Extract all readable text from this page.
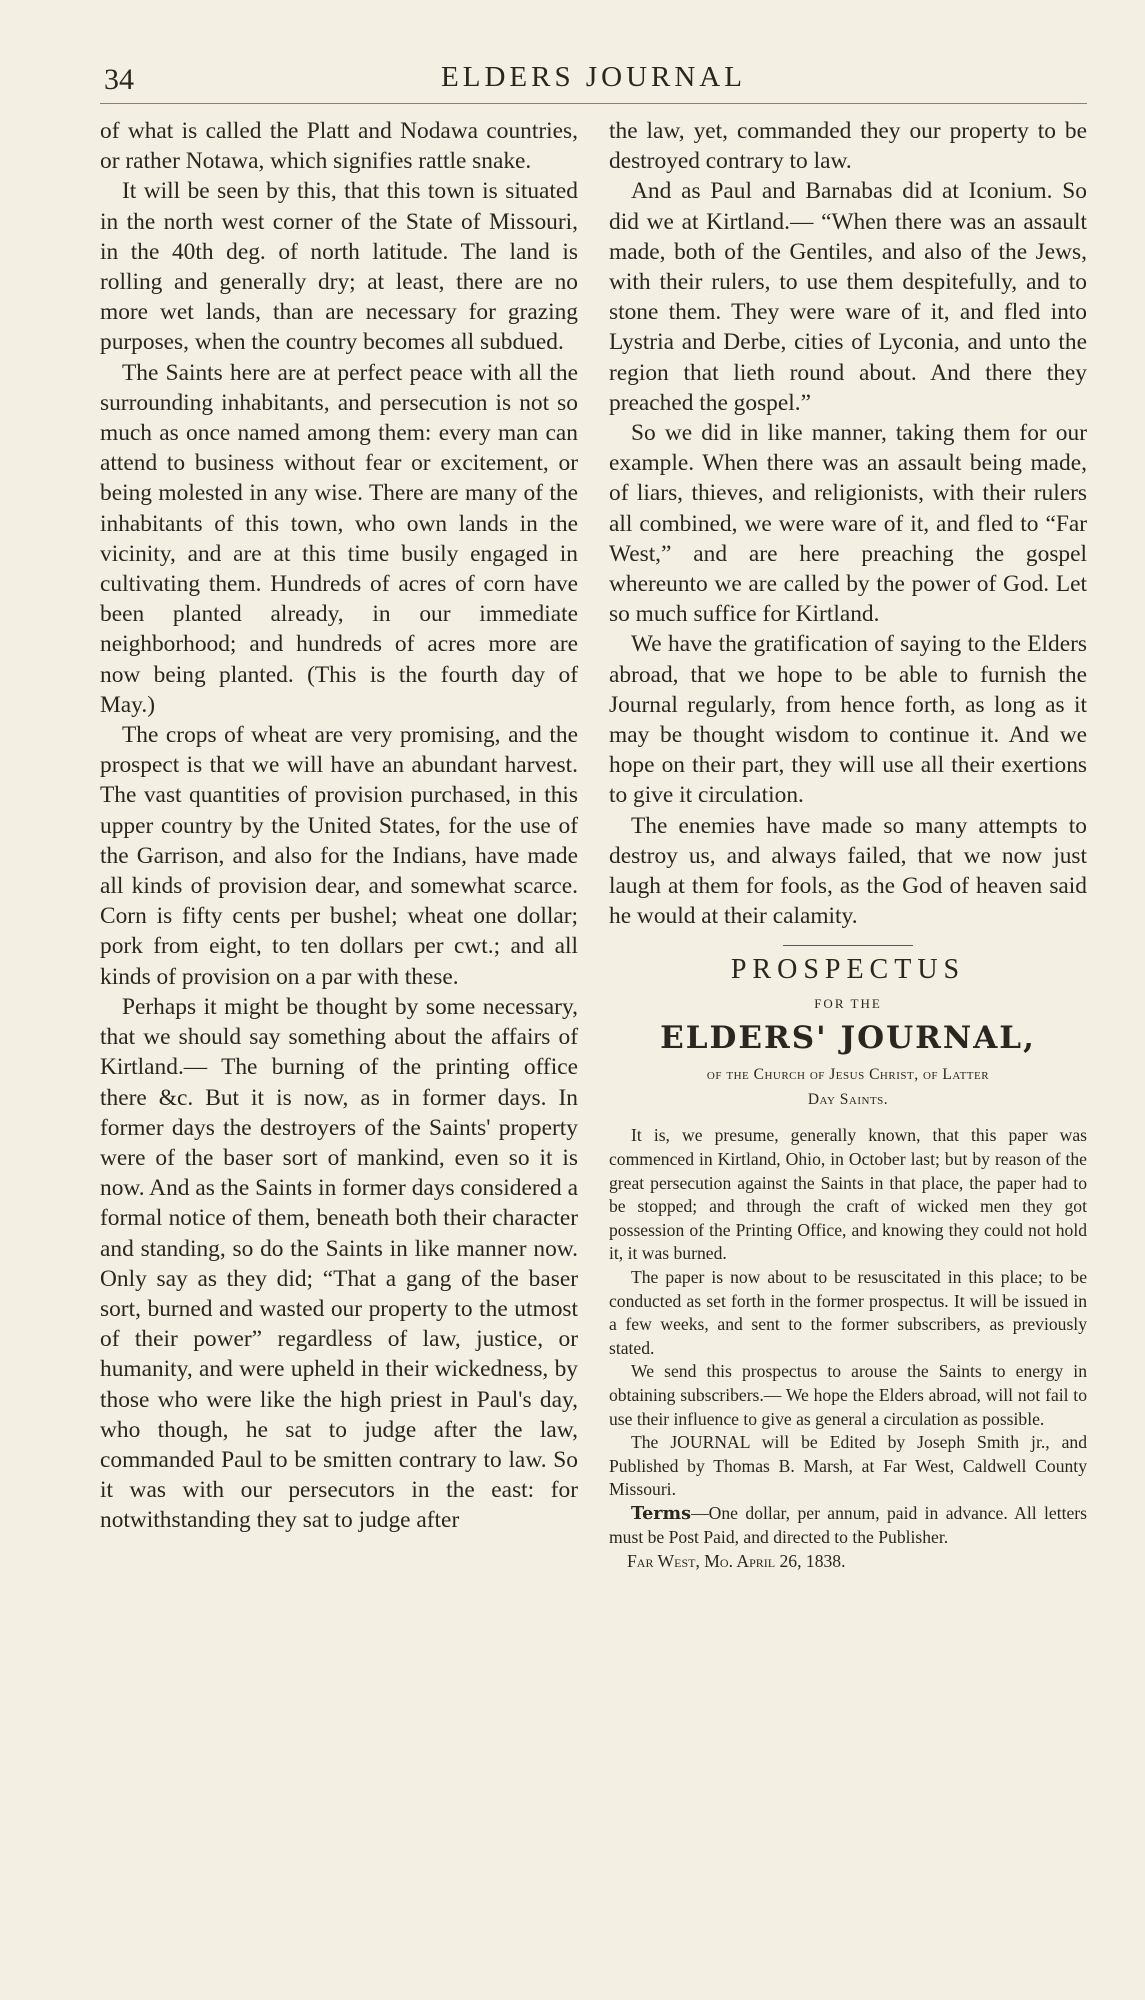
34	ELDERS JOURNAL

of what is called the Platt and Nodawa countries, or rather Notawa, which signifies rattle snake.

It will be seen by this, that this town is situated in the north west corner of the State of Missouri, in the 40th deg. of north latitude. The land is rolling and generally dry; at least, there are no more wet lands, than are necessary for grazing purposes, when the country becomes all subdued.

The Saints here are at perfect peace with all the surrounding inhabitants, and persecution is not so much as once named among them: every man can attend to business without fear or excitement, or being molested in any wise. There are many of the inhabitants of this town, who own lands in the vicinity, and are at this time busily engaged in cultivating them. Hundreds of acres of corn have been planted already, in our immediate neighborhood; and hundreds of acres more are now being planted. (This is the fourth day of May.)

The crops of wheat are very promising, and the prospect is that we will have an abundant harvest. The vast quantities of provision purchased, in this upper country by the United States, for the use of the Garrison, and also for the Indians, have made all kinds of provision dear, and somewhat scarce. Corn is fifty cents per bushel; wheat one dollar; pork from eight, to ten dollars per cwt.; and all kinds of provision on a par with these.

Perhaps it might be thought by some necessary, that we should say something about the affairs of Kirtland.— The burning of the printing office there &c. But it is now, as in former days. In former days the destroyers of the Saints' property were of the baser sort of mankind, even so it is now. And as the Saints in former days considered a formal notice of them, beneath both their character and standing, so do the Saints in like manner now. Only say as they did; “That a gang of the baser sort, burned and wasted our property to the utmost of their power” regardless of law, justice, or humanity, and were upheld in their wickedness, by those who were like the high priest in Paul's day, who though, he sat to judge after the law, commanded Paul to be smitten contrary to law. So it was with our persecutors in the east: for notwithstanding they sat to judge after

the law, yet, commanded they our property to be destroyed contrary to law.

And as Paul and Barnabas did at Iconium. So did we at Kirtland.— “When there was an assault made, both of the Gentiles, and also of the Jews, with their rulers, to use them despitefully, and to stone them. They were ware of it, and fled into Lystria and Derbe, cities of Lyconia, and unto the region that lieth round about. And there they preached the gospel.”

So we did in like manner, taking them for our example. When there was an assault being made, of liars, thieves, and religionists, with their rulers all combined, we were ware of it, and fled to “Far West,” and are here preaching the gospel whereunto we are called by the power of God. Let so much suffice for Kirtland.

We have the gratification of saying to the Elders abroad, that we hope to be able to furnish the Journal regularly, from hence forth, as long as it may be thought wisdom to continue it. And we hope on their part, they will use all their exertions to give it circulation.

The enemies have made so many attempts to destroy us, and always failed, that we now just laugh at them for fools, as the God of heaven said he would at their calamity.

PROSPECTUS
FOR THE
ELDERS' JOURNAL,
of the Church of Jesus Christ, of Latter
Day Saints.

It is, we presume, generally known, that this paper was commenced in Kirtland, Ohio, in October last; but by reason of the great persecution against the Saints in that place, the paper had to be stopped; and through the craft of wicked men they got possession of the Printing Office, and knowing they could not hold it, it was burned.

The paper is now about to be resuscitated in this place; to be conducted as set forth in the former prospectus. It will be issued in a few weeks, and sent to the former subscribers, as previously stated.

We send this prospectus to arouse the Saints to energy in obtaining subscribers.— We hope the Elders abroad, will not fail to use their influence to give as general a circulation as possible.

The JOURNAL will be Edited by Joseph Smith jr., and Published by Thomas B. Marsh, at Far West, Caldwell County Missouri.

Terms—One dollar, per annum, paid in advance. All letters must be Post Paid, and directed to the Publisher.

Far West, Mo. April 26, 1838.
